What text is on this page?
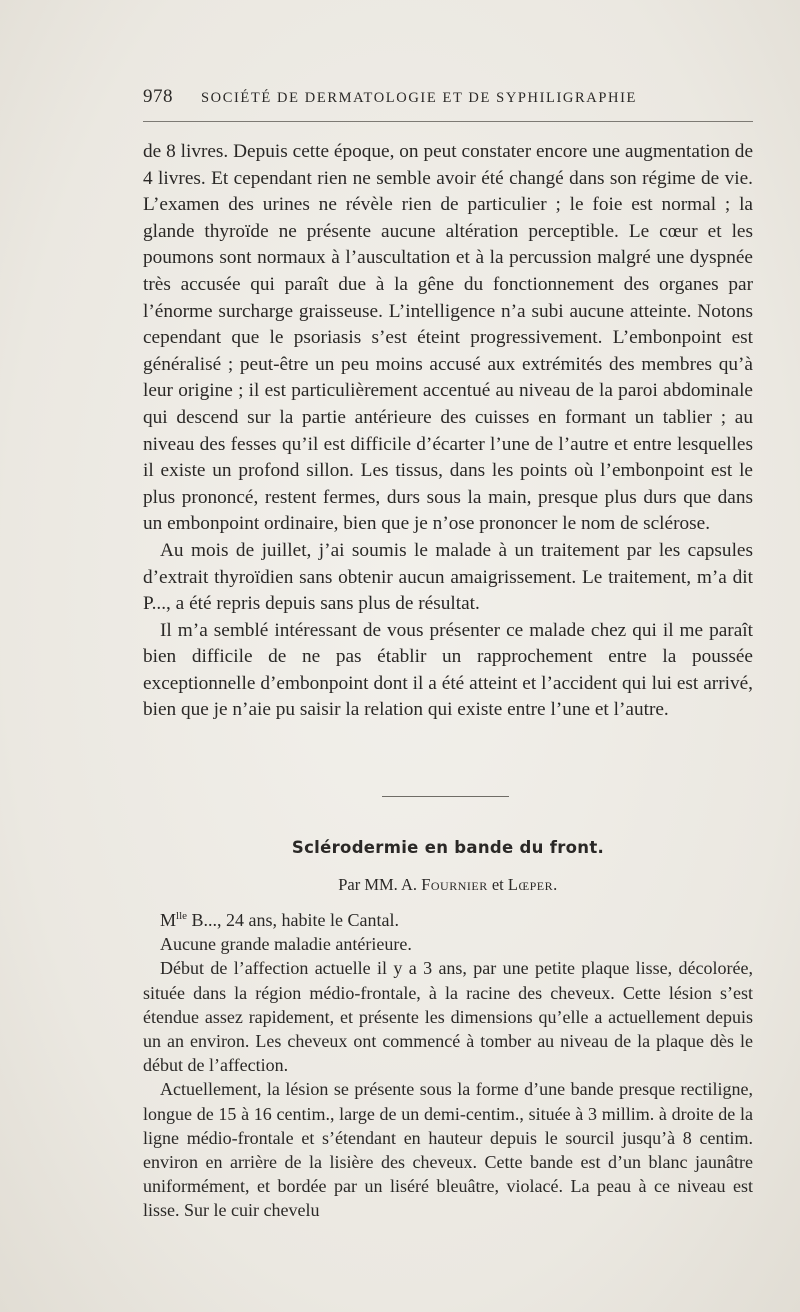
978 SOCIÉTÉ DE DERMATOLOGIE ET DE SYPHILIGRAPHIE

de 8 livres. Depuis cette époque, on peut constater encore une augmentation de 4 livres. Et cependant rien ne semble avoir été changé dans son régime de vie. L’examen des urines ne révèle rien de particulier ; le foie est normal ; la glande thyroïde ne présente aucune altération perceptible. Le cœur et les poumons sont normaux à l’auscultation et à la percussion malgré une dyspnée très accusée qui paraît due à la gêne du fonctionnement des organes par l’énorme surcharge graisseuse. L’intelligence n’a subi aucune atteinte. Notons cependant que le psoriasis s’est éteint progressivement. L’embonpoint est généralisé ; peut-être un peu moins accusé aux extrémités des membres qu’à leur origine ; il est particulièrement accentué au niveau de la paroi abdominale qui descend sur la partie antérieure des cuisses en formant un tablier ; au niveau des fesses qu’il est difficile d’écarter l’une de l’autre et entre lesquelles il existe un profond sillon. Les tissus, dans les points où l’embonpoint est le plus prononcé, restent fermes, durs sous la main, presque plus durs que dans un embonpoint ordinaire, bien que je n’ose prononcer le nom de sclérose.

Au mois de juillet, j’ai soumis le malade à un traitement par les capsules d’extrait thyroïdien sans obtenir aucun amaigrissement. Le traitement, m’a dit P..., a été repris depuis sans plus de résultat.

Il m’a semblé intéressant de vous présenter ce malade chez qui il me paraît bien difficile de ne pas établir un rapprochement entre la poussée exceptionnelle d’embonpoint dont il a été atteint et l’accident qui lui est arrivé, bien que je n’aie pu saisir la relation qui existe entre l’une et l’autre.

Sclérodermie en bande du front.
Par MM. A. Fournier et Lœper.

$M^{lle}$ B..., 24 ans, habite le Cantal.

Aucune grande maladie antérieure.

Début de l’affection actuelle il y a 3 ans, par une petite plaque lisse, décolorée, située dans la région médio-frontale, à la racine des cheveux. Cette lésion s’est étendue assez rapidement, et présente les dimensions qu’elle a actuellement depuis un an environ. Les cheveux ont commencé à tomber au niveau de la plaque dès le début de l’affection.

Actuellement, la lésion se présente sous la forme d’une bande presque rectiligne, longue de 15 à 16 centim., large de un demi-centim., située à 3 millim. à droite de la ligne médio-frontale et s’étendant en hauteur depuis le sourcil jusqu’à 8 centim. environ en arrière de la lisière des cheveux. Cette bande est d’un blanc jaunâtre uniformément, et bordée par un liséré bleuâtre, violacé. La peau à ce niveau est lisse. Sur le cuir chevelu
